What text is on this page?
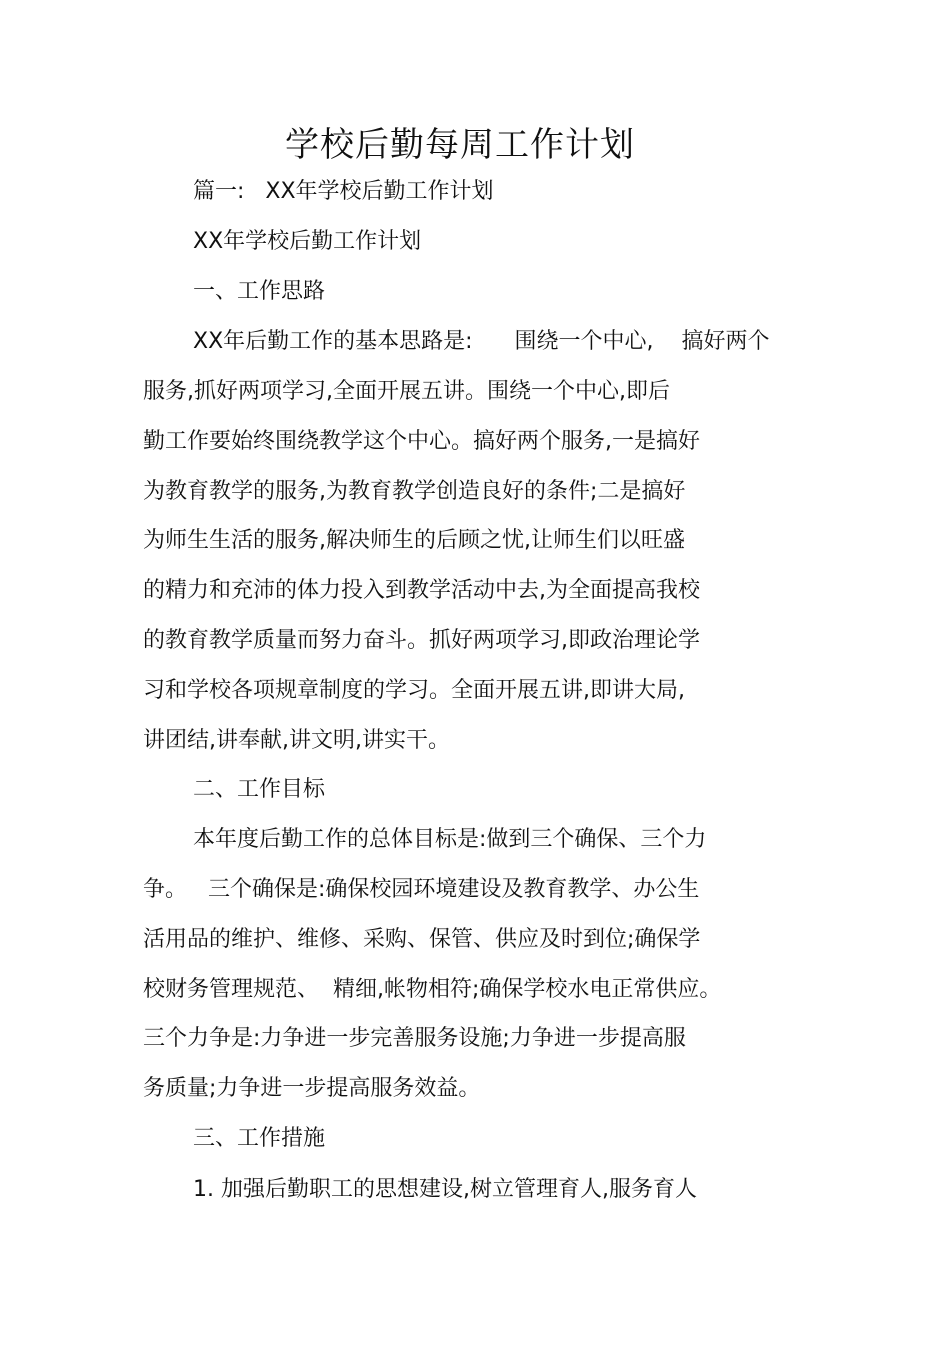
学校后勤每周工作计划
篇一:   XX年学校后勤工作计划
XX年学校后勤工作计划
一、工作思路
XX年后勤工作的基本思路是:      围绕一个中心,    搞好两个
服务,抓好两项学习,全面开展五讲。围绕一个中心,即后
勤工作要始终围绕教学这个中心。搞好两个服务,一是搞好
为教育教学的服务,为教育教学创造良好的条件;二是搞好
为师生生活的服务,解决师生的后顾之忧,让师生们以旺盛
的精力和充沛的体力投入到教学活动中去,为全面提高我校
的教育教学质量而努力奋斗。抓好两项学习,即政治理论学
习和学校各项规章制度的学习。全面开展五讲,即讲大局,
讲团结,讲奉献,讲文明,讲实干。
二、工作目标
本年度后勤工作的总体目标是:做到三个确保、三个力
争。   三个确保是:确保校园环境建设及教育教学、办公生
活用品的维护、维修、采购、保管、供应及时到位;确保学
校财务管理规范、  精细,帐物相符;确保学校水电正常供应。
三个力争是:力争进一步完善服务设施;力争进一步提高服
务质量;力争进一步提高服务效益。
三、工作措施
1. 加强后勤职工的思想建设,树立管理育人,服务育人
